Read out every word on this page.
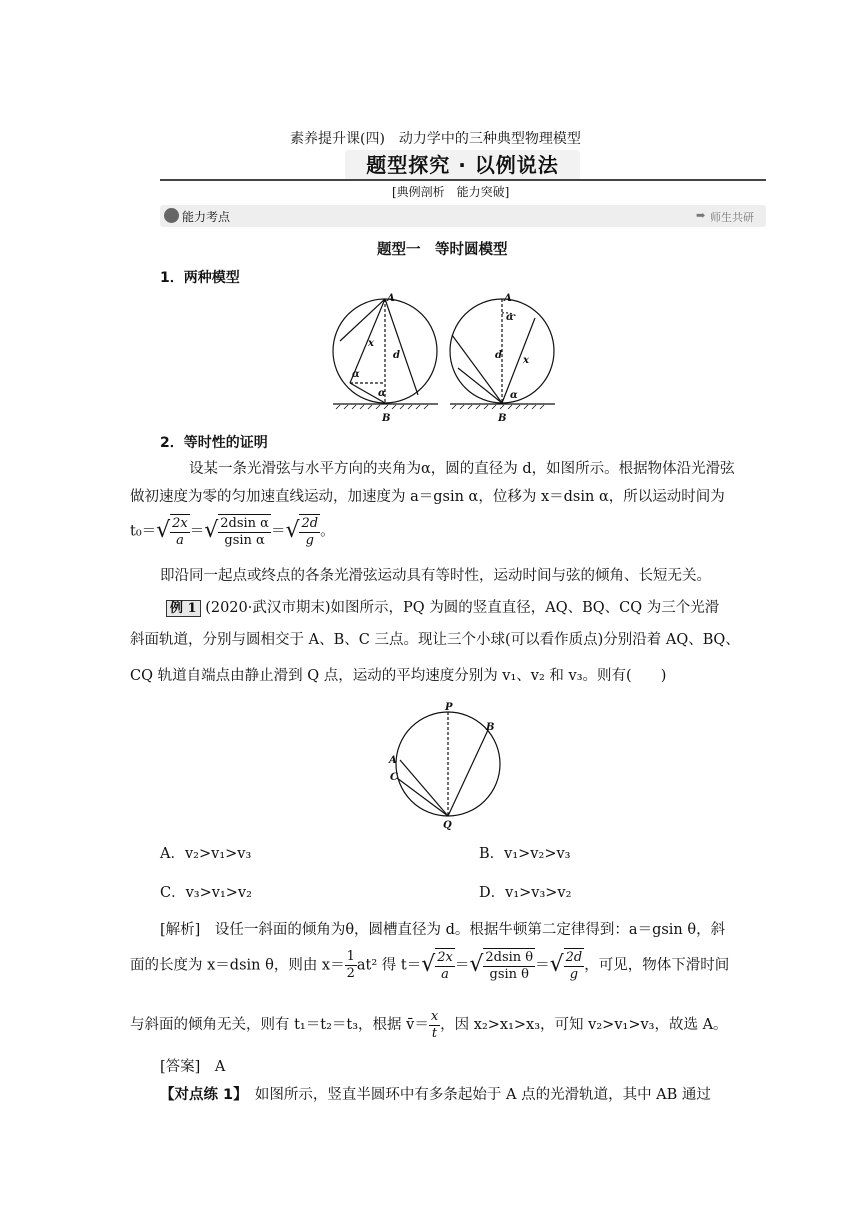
素养提升课(四)　动力学中的三种典型物理模型
题型探究 · 以例说法
[典例剖析　能力突破]
能力考点	➡ 师生共研
题型一　等时圆模型
1．两种模型
A
B
x
d
α
α
A
B
α
d x
α
2．等时性的证明
设某一条光滑弦与水平方向的夹角为α，圆的直径为 d，如图所示。根据物体沿光滑弦
做初速度为零的匀加速直线运动，加速度为 a＝gsin α，位移为 x＝dsin α，所以运动时间为
t₀＝ √ $\frac{2x}{a}$ ＝ √ $\frac{\text{2dsin α}}{\text{gsin α}}$ ＝ √ $\frac{2d}{g}$ 。
即沿同一起点或终点的各条光滑弦运动具有等时性，运动时间与弦的倾角、长短无关。
例 1 (2020·武汉市期末)如图所示，PQ 为圆的竖直直径，AQ、BQ、CQ 为三个光滑
斜面轨道，分别与圆相交于 A、B、C 三点。现让三个小球(可以看作质点)分别沿着 AQ、BQ、
CQ 轨道自端点由静止滑到 Q 点，运动的平均速度分别为 v₁、v₂ 和 v₃。则有(　　)
P
B
A
C
Q
A．v₂>v₁>v₃	B．v₁>v₂>v₃
C．v₃>v₁>v₂	D．v₁>v₃>v₂
[解析]　设任一斜面的倾角为θ，圆槽直径为 d。根据牛顿第二定律得到：a＝gsin θ，斜
面的长度为 x＝dsin θ，则由 $x= \frac{1}{2} at^2$ 得 t＝ √ $\frac{2x}{a}$ ＝ √ $\frac{\text{2dsin θ}}{\text{gsin θ}}$ ＝ √ $\frac{2d}{g}$ ，可见，物体下滑时间
与斜面的倾角无关，则有 t₁＝t₂＝t₃，根据 v̄＝ $\frac{x}{t}$ ，因 x₂>x₁>x₃，可知 v₂>v₁>v₃，故选 A。
[答案]　 A
【对点练 1】　 如图所示，竖直半圆环中有多条起始于 A 点的光滑轨道，其中 AB 通过
